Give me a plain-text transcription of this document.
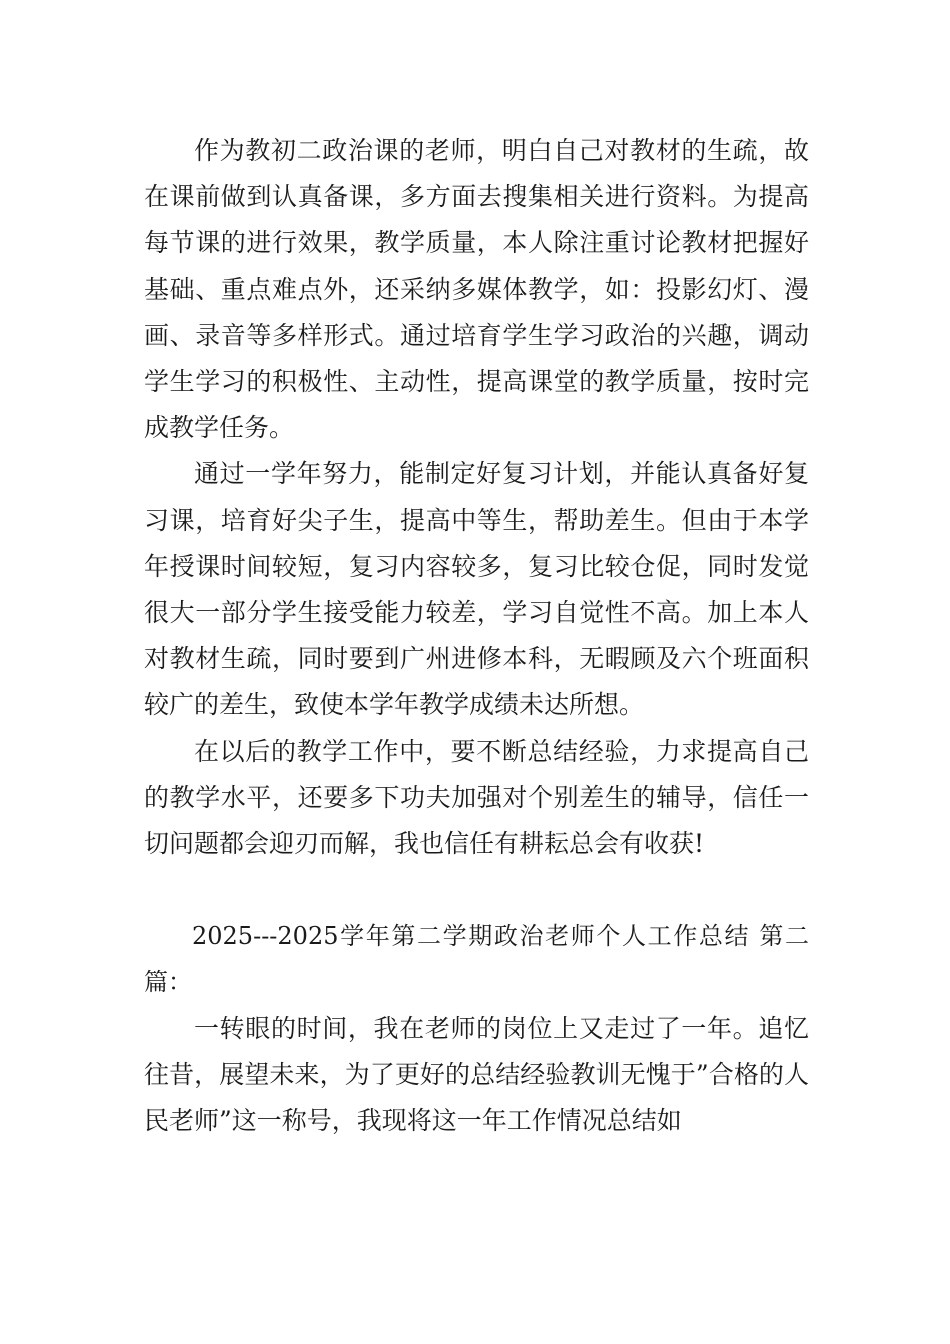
作为教初二政治课的老师，明白自己对教材的生疏，故在课前做到认真备课，多方面去搜集相关进行资料。为提高每节课的进行效果，教学质量，本人除注重讨论教材把握好基础、重点难点外，还采纳多媒体教学，如：投影幻灯、漫画、录音等多样形式。通过培育学生学习政治的兴趣，调动学生学习的积极性、主动性，提高课堂的教学质量，按时完成教学任务。

通过一学年努力，能制定好复习计划，并能认真备好复习课，培育好尖子生，提高中等生，帮助差生。但由于本学年授课时间较短，复习内容较多，复习比较仓促，同时发觉很大一部分学生接受能力较差，学习自觉性不高。加上本人对教材生疏，同时要到广州进修本科，无暇顾及六个班面积较广的差生，致使本学年教学成绩未达所想。

在以后的教学工作中，要不断总结经验，力求提高自己的教学水平，还要多下功夫加强对个别差生的辅导，信任一切问题都会迎刃而解，我也信任有耕耘总会有收获!

2025---2025学年第二学期政治老师个人工作总结 第二篇：

一转眼的时间，我在老师的岗位上又走过了一年。追忆往昔，展望未来，为了更好的总结经验教训无愧于”合格的人民老师”这一称号，我现将这一年工作情况总结如
